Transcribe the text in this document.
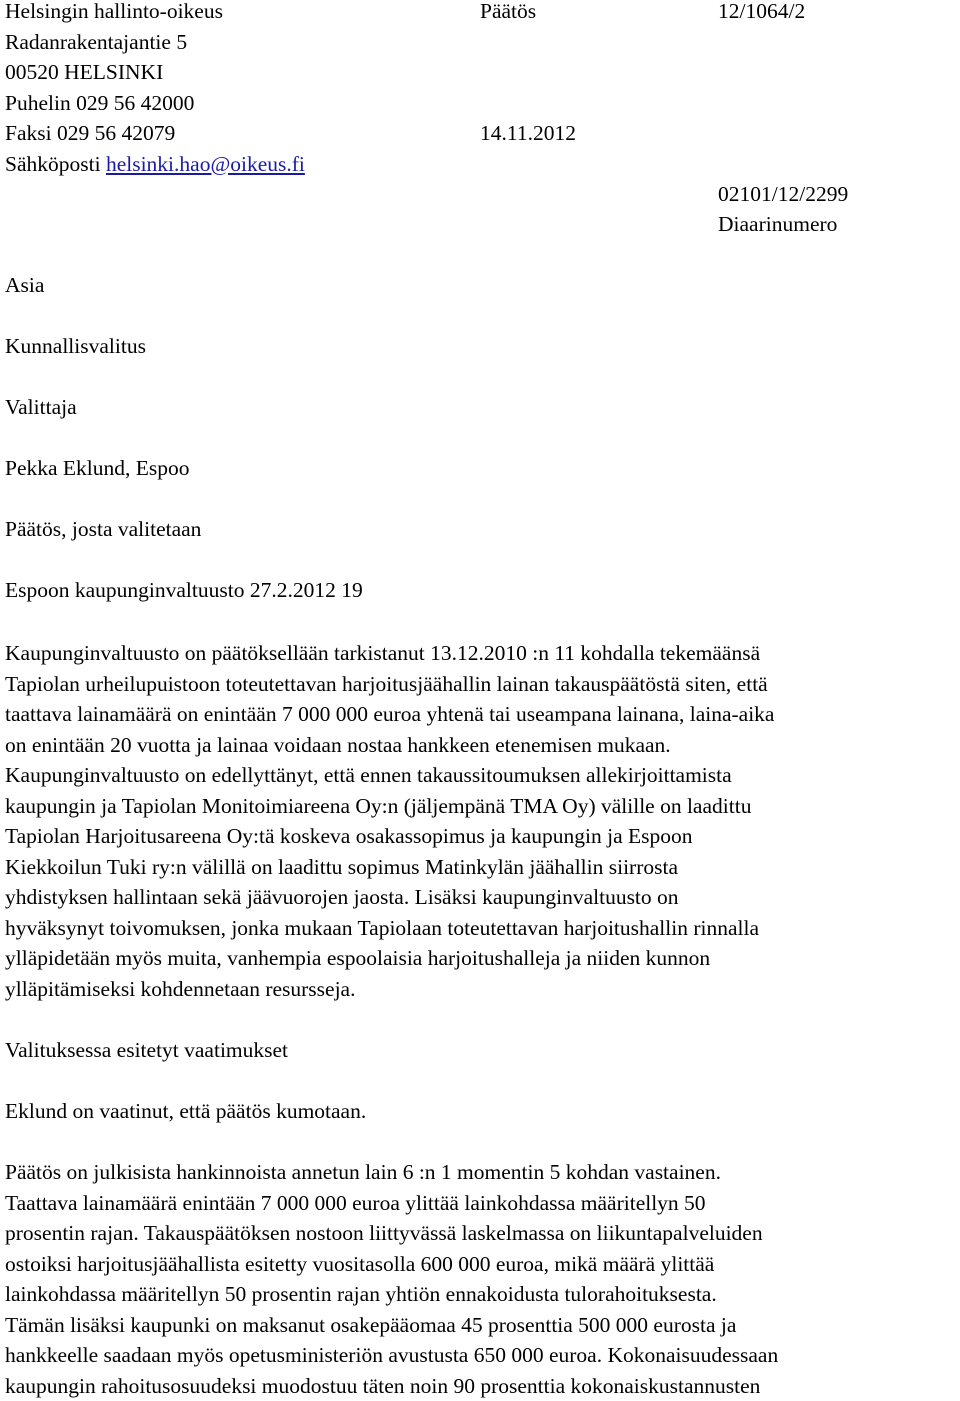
Helsingin hallinto-oikeus
Radanrakentajantie 5
00520 HELSINKI
Puhelin 029 56 42000
Faksi 029 56 42079
Sähköposti helsinki.hao@oikeus.fi
Päätös	12/1064/2
14.11.2012
02101/12/2299
Diaarinumero
Asia
Kunnallisvalitus
Valittaja
Pekka Eklund, Espoo
Päätös, josta valitetaan
Espoon kaupunginvaltuusto 27.2.2012 19
Kaupunginvaltuusto on päätöksellään tarkistanut 13.12.2010 :n 11 kohdalla tekemäänsä
Tapiolan urheilupuistoon toteutettavan harjoitusjäähallin lainan takauspäätöstä siten, että
taattava lainamäärä on enintään 7 000 000 euroa yhtenä tai useampana lainana, laina-aika
on enintään 20 vuotta ja lainaa voidaan nostaa hankkeen etenemisen mukaan.
Kaupunginvaltuusto on edellyttänyt, että ennen takaussitoumuksen allekirjoittamista
kaupungin ja Tapiolan Monitoimiareena Oy:n (jäljempänä TMA Oy) välille on laadittu
Tapiolan Harjoitusareena Oy:tä koskeva osakassopimus ja kaupungin ja Espoon
Kiekkoilun Tuki ry:n välillä on laadittu sopimus Matinkylän jäähallin siirrosta
yhdistyksen hallintaan sekä jäävuorojen jaosta. Lisäksi kaupunginvaltuusto on
hyväksynyt toivomuksen, jonka mukaan Tapiolaan toteutettavan harjoitushallin rinnalla
ylläpidetään myös muita, vanhempia espoolaisia harjoitushalleja ja niiden kunnon
ylläpitämiseksi kohdennetaan resursseja.
Valituksessa esitetyt vaatimukset
Eklund on vaatinut, että päätös kumotaan.
Päätös on julkisista hankinnoista annetun lain 6 :n 1 momentin 5 kohdan vastainen.
Taattava lainamäärä enintään 7 000 000 euroa ylittää lainkohdassa määritellyn 50
prosentin rajan. Takauspäätöksen nostoon liittyvässä laskelmassa on liikuntapalveluiden
ostoiksi harjoitusjäähallista esitetty vuositasolla 600 000 euroa, mikä määrä ylittää
lainkohdassa määritellyn 50 prosentin rajan yhtiön ennakoidusta tulorahoituksesta.
Tämän lisäksi kaupunki on maksanut osakepääomaa 45 prosenttia 500 000 eurosta ja
hankkeelle saadaan myös opetusministeriön avustusta 650 000 euroa. Kokonaisuudessaan
kaupungin rahoitusosuudeksi muodostuu täten noin 90 prosenttia kokonaiskustannusten
